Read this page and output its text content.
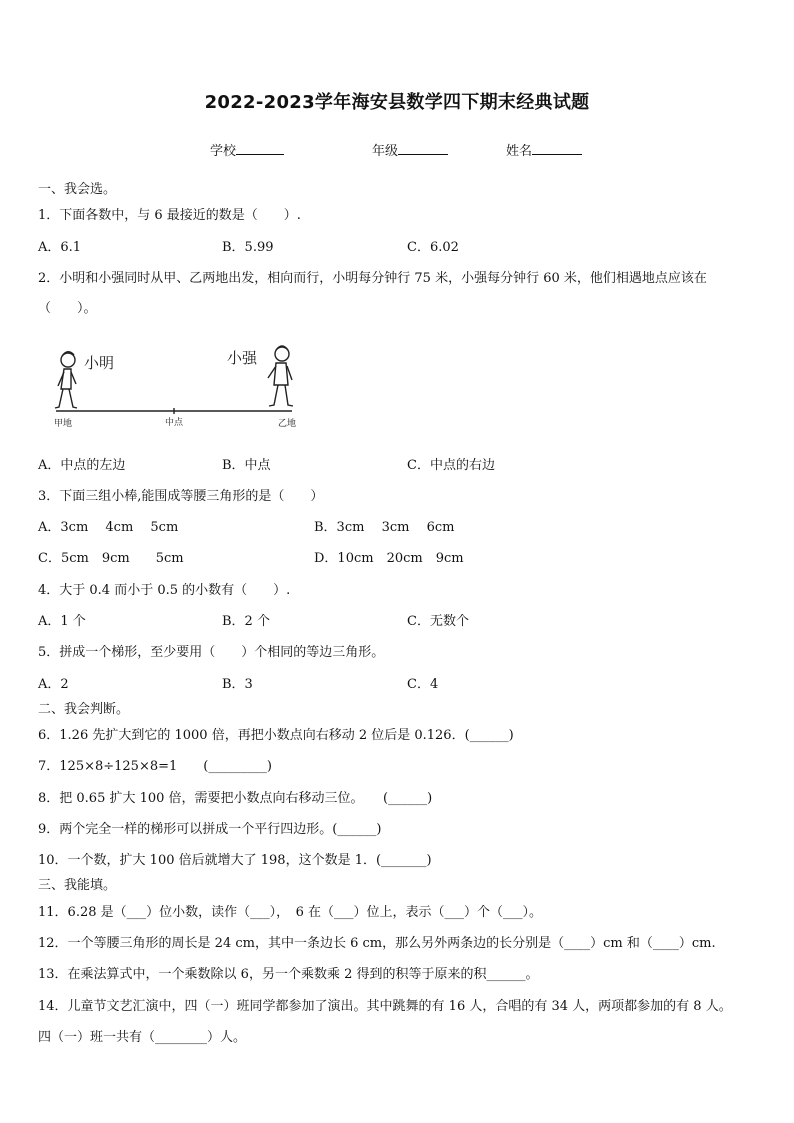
2022-2023学年海安县数学四下期末经典试题
学校	年级	姓名
一、我会选。
1．下面各数中，与 6 最接近的数是（　　）.
A．6.1	B．5.99	C．6.02
2．小明和小强同时从甲、乙两地出发，相向而行，小明每分钟行 75 米，小强每分钟行 60 米，他们相遇地点应该在
（　　）。
小明	小强
甲地	中点	乙地
A．中点的左边	B．中点	C．中点的右边
3．下面三组小棒,能围成等腰三角形的是（　　）
A．3cm　 4cm　 5cm	B．3cm　 3cm　 6cm
C．5cm　9cm　　5cm	D．10cm　20cm　9cm
4．大于 0.4 而小于 0.5 的小数有（　　）.
A．1 个	B．2 个	C．无数个
5．拼成一个梯形，至少要用（　　）个相同的等边三角形。
A．2	B．3	C．4
二、我会判断。
6．1.26 先扩大到它的 1000 倍，再把小数点向右移动 2 位后是 0.126．(______)
7．125×8÷125×8=1　　(_________)
8．把 0.65 扩大 100 倍，需要把小数点向右移动三位。　　(______)
9．两个完全一样的梯形可以拼成一个平行四边形。(______)
10．一个数，扩大 100 倍后就增大了 198，这个数是 1．(_______)
三、我能填。
11．6.28 是（___）位小数，读作（___），　6 在（___）位上，表示（___）个（___）。
12．一个等腰三角形的周长是 24 cm，其中一条边长 6 cm，那么另外两条边的长分别是（____）cm 和（____）cm.
13．在乘法算式中，一个乘数除以 6，另一个乘数乘 2 得到的积等于原来的积______。
14．儿童节文艺汇演中，四（一）班同学都参加了演出。其中跳舞的有 16 人，合唱的有 34 人，两项都参加的有 8 人。
四（一）班一共有（________）人。
